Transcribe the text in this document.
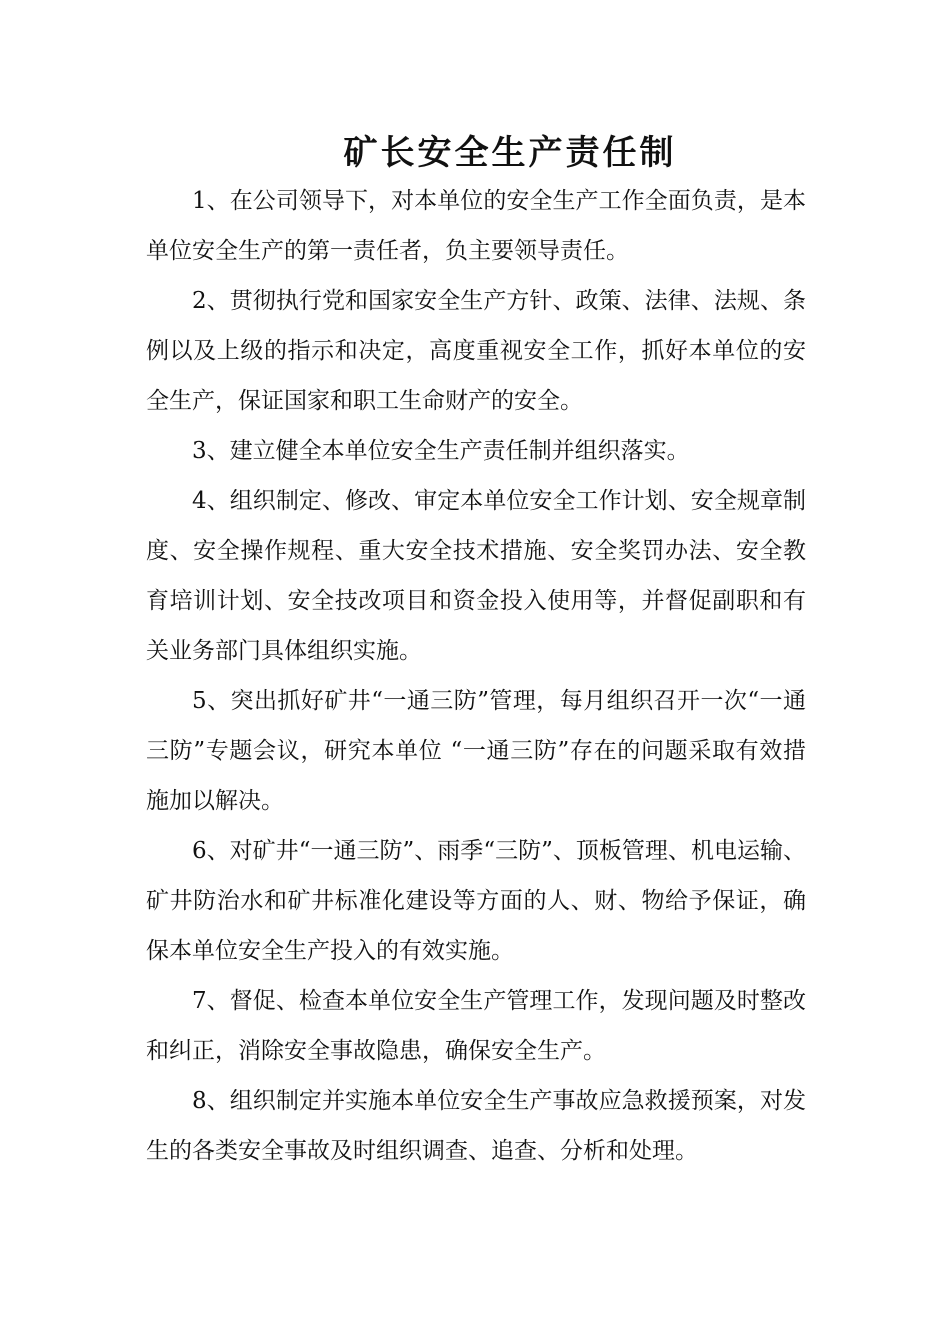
矿长安全生产责任制

1、在公司领导下，对本单位的安全生产工作全面负责，是本单位安全生产的第一责任者，负主要领导责任。

2、贯彻执行党和国家安全生产方针、政策、法律、法规、条例以及上级的指示和决定，高度重视安全工作，抓好本单位的安全生产，保证国家和职工生命财产的安全。

3、建立健全本单位安全生产责任制并组织落实。

4、组织制定、修改、审定本单位安全工作计划、安全规章制度、安全操作规程、重大安全技术措施、安全奖罚办法、安全教育培训计划、安全技改项目和资金投入使用等，并督促副职和有关业务部门具体组织实施。

5、突出抓好矿井“一通三防”管理，每月组织召开一次“一通三防”专题会议，研究本单位 “一通三防”存在的问题采取有效措施加以解决。

6、对矿井“一通三防”、雨季“三防”、顶板管理、机电运输、矿井防治水和矿井标准化建设等方面的人、财、物给予保证，确保本单位安全生产投入的有效实施。

7、督促、检查本单位安全生产管理工作，发现问题及时整改和纠正，消除安全事故隐患，确保安全生产。

8、组织制定并实施本单位安全生产事故应急救援预案，对发生的各类安全事故及时组织调查、追查、分析和处理。
